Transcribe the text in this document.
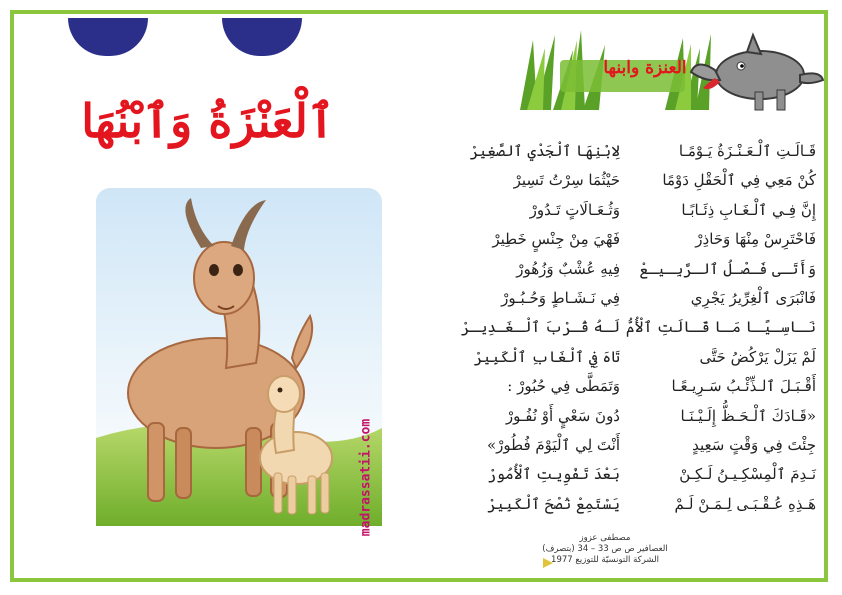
ٱلْعَنْزَةُ وَٱبْنُهَا
madrassatii.com
العنزة وابنها
قَـالَـتِ ٱلْـعَـنْـزَةُ يَـوْمًـا
كُنْ مَعِي فِي ٱلْحَقْلِ دَوْمًا
إِنَّ فِـي ٱلْـغَـابِ ذِئَـابًـا
فَاحْتَرِسْ مِنْهَا وَحَاذِرْ
وَأَتَـى فَـصْـلُ ٱلـرَّبِـيـعْ
فَانْبَرَى ٱلْغِرِّيرُ يَجْرِي
نَـاسِـيًـا مَـا قَـالَتِ ٱلْأُمُّ
لَمْ يَزَلْ يَرْكُضُ حَتَّى
أَقْـبَـلَ ٱلـذِّئْـبُ سَـرِيـعًـا
«قَـادَكَ ٱلْـحَـظُّ إِلَـيْـنَـا
جِئْتَ فِي وَقْتٍ سَعِيدٍ
نَـدِمَ ٱلْمِسْكِـيـنُ لَـكِـنْ
هَـذِهِ عُـقْـبَـى لِـمَـنْ لَـمْ
لِابْنِهَا ٱلْجَدْيِ ٱلصَّغِيرْ
حَيْثُمَا سِرْتُ تَسِيرْ
وَثُـعَـالَاتٍ تَـدُورْ
فَهْيَ مِنْ جِنْسٍ خَطِيرْ
فِيهِ عُشْبٌ وَزُهُورْ
فِي نَـشَـاطٍ وَحُـبُـورْ
لَـهُ قُـرْبَ ٱلْـغَـدِيـرْ
تَاهَ فِي ٱلْغَابِ ٱلْكَبِيرْ
وَتَمَطَّى فِي حُبُورْ :
دُونَ سَعْيٍ أَوْ نُفُـورْ
أَنْتَ لِي ٱلْيَوْمَ فُطُورْ»
بَعْدَ تَفْوِيتِ ٱلْأُمُورْ
يَسْتَمِعْ نُصْحَ ٱلْكَبِيرْ
مصطفى عزوز
العصافير ص ص 33 – 34 (بتصرف)
الشركة التونسيّة للتوزيع 1977
